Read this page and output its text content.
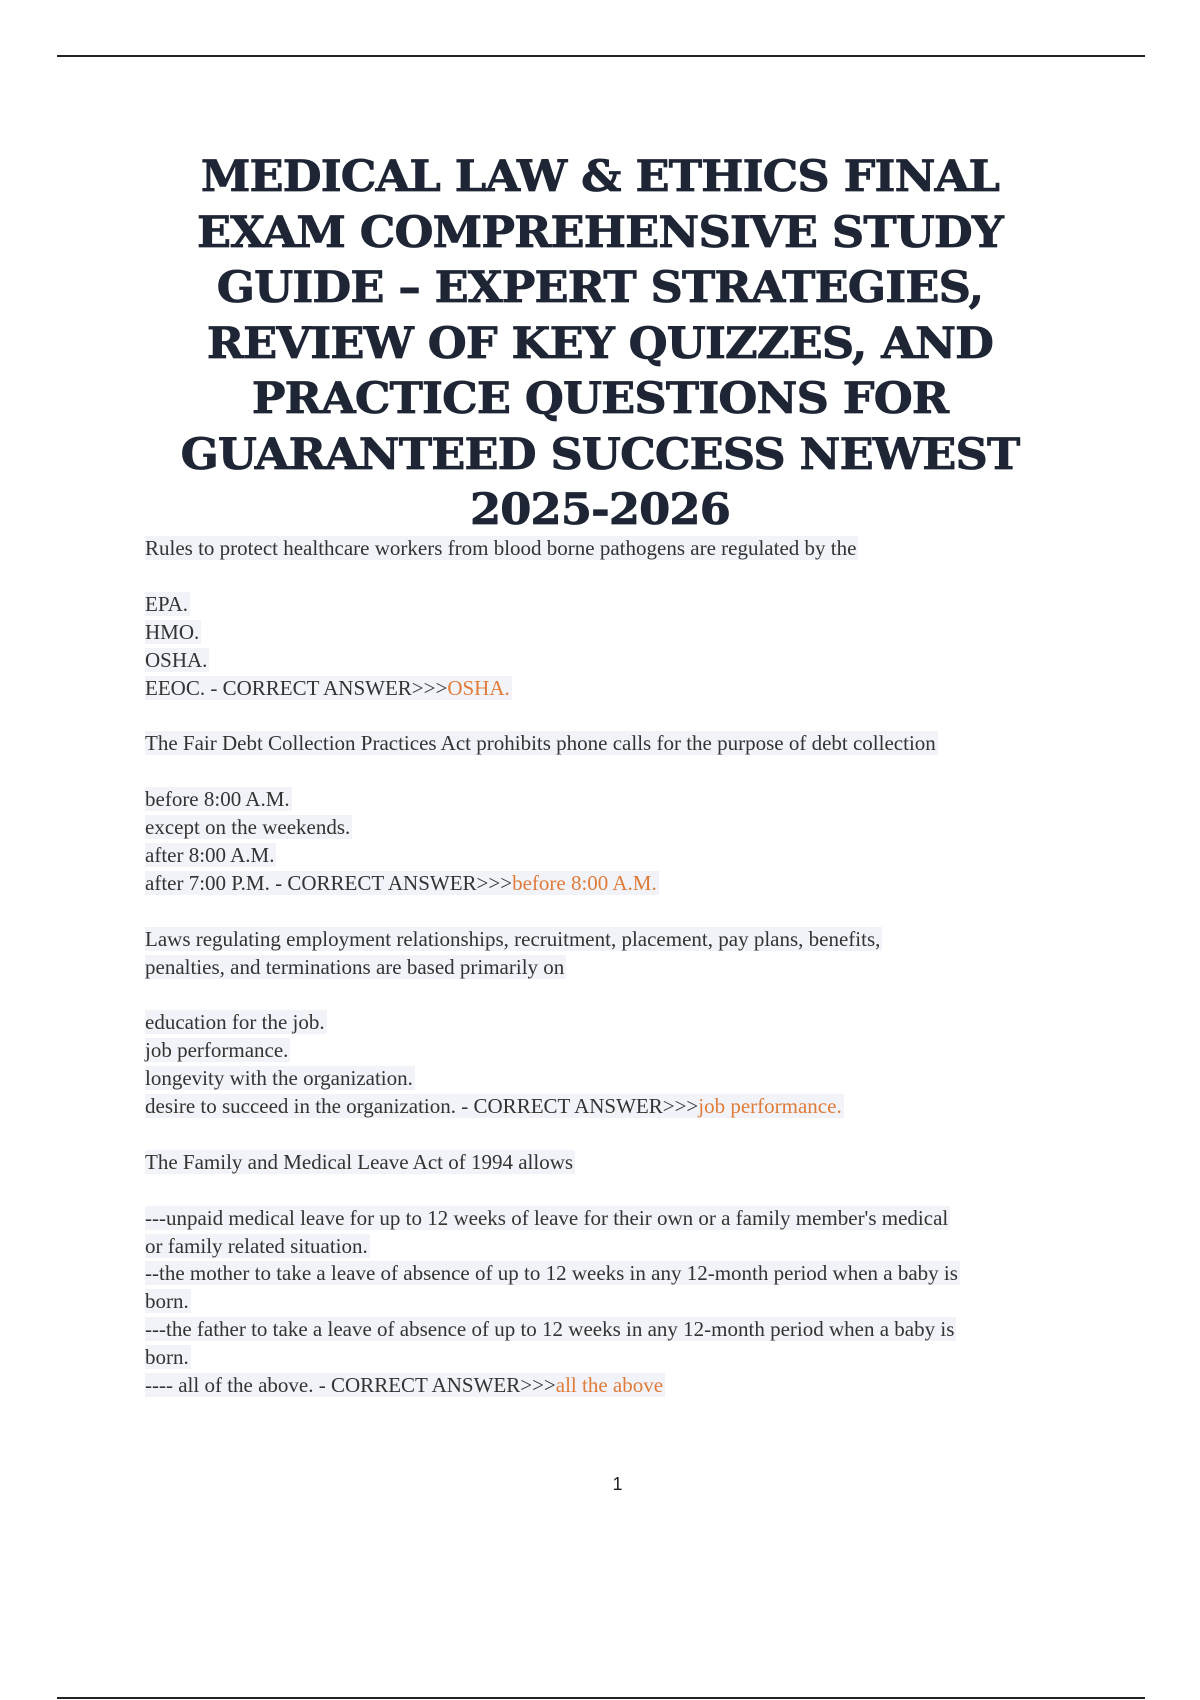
MEDICAL LAW & ETHICS FINAL
EXAM COMPREHENSIVE STUDY
GUIDE – EXPERT STRATEGIES,
REVIEW OF KEY QUIZZES, AND
PRACTICE QUESTIONS FOR
GUARANTEED SUCCESS NEWEST
2025-2026
Rules to protect healthcare workers from blood borne pathogens are regulated by the
EPA.
HMO.
OSHA.
EEOC. - CORRECT ANSWER>>>OSHA.
The Fair Debt Collection Practices Act prohibits phone calls for the purpose of debt collection
before 8:00 A.M.
except on the weekends.
after 8:00 A.M.
after 7:00 P.M. - CORRECT ANSWER>>>before 8:00 A.M.
Laws regulating employment relationships, recruitment, placement, pay plans, benefits,
penalties, and terminations are based primarily on
education for the job.
job performance.
longevity with the organization.
desire to succeed in the organization. - CORRECT ANSWER>>>job performance.
The Family and Medical Leave Act of 1994 allows
---unpaid medical leave for up to 12 weeks of leave for their own or a family member's medical
or family related situation.
--the mother to take a leave of absence of up to 12 weeks in any 12-month period when a baby is
born.
---the father to take a leave of absence of up to 12 weeks in any 12-month period when a baby is
born.
---- all of the above. - CORRECT ANSWER>>>all the above
1
